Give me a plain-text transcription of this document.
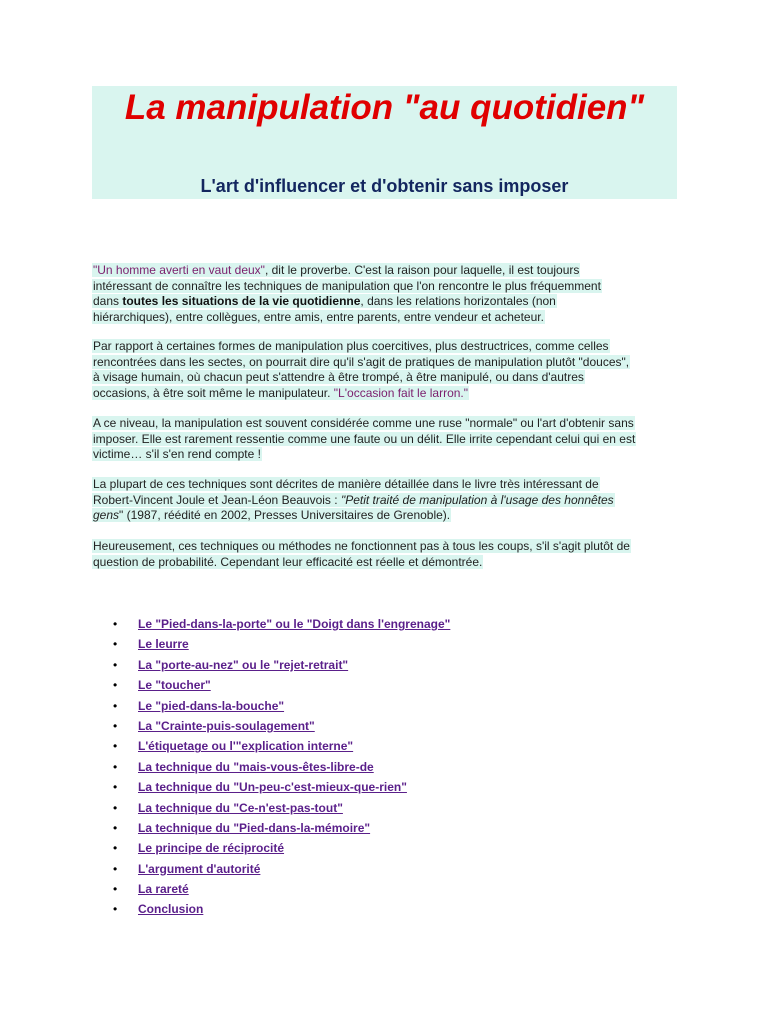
La manipulation "au quotidien"
L'art d'influencer et d'obtenir sans imposer
"Un homme averti en vaut deux", dit le proverbe. C'est la raison pour laquelle, il est toujours
intéressant de connaître les techniques de manipulation que l'on rencontre le plus fréquemment
dans toutes les situations de la vie quotidienne, dans les relations horizontales (non
hiérarchiques), entre collègues, entre amis, entre parents, entre vendeur et acheteur.
Par rapport à certaines formes de manipulation plus coercitives, plus destructrices, comme celles
rencontrées dans les sectes, on pourrait dire qu'il s'agit de pratiques de manipulation plutôt "douces",
à visage humain, où chacun peut s'attendre à être trompé, à être manipulé, ou dans d'autres
occasions, à être soit même le manipulateur. "L'occasion fait le larron."
A ce niveau, la manipulation est souvent considérée comme une ruse "normale" ou l'art d'obtenir sans
imposer. Elle est rarement ressentie comme une faute ou un délit. Elle irrite cependant celui qui en est
victime… s'il s'en rend compte !
La plupart de ces techniques sont décrites de manière détaillée dans le livre très intéressant de
Robert-Vincent Joule et Jean-Léon Beauvois : "Petit traité de manipulation à l'usage des honnêtes
gens" (1987, réédité en 2002, Presses Universitaires de Grenoble).
Heureusement, ces techniques ou méthodes ne fonctionnent pas à tous les coups, s'il s'agit plutôt de
question de probabilité. Cependant leur efficacité est réelle et démontrée.
• Le "Pied-dans-la-porte" ou le "Doigt dans l'engrenage"
• Le leurre
• La "porte-au-nez" ou le "rejet-retrait"
• Le "toucher"
• Le "pied-dans-la-bouche"
• La "Crainte-puis-soulagement"
• L'étiquetage ou l'"explication interne"
• La technique du "mais-vous-êtes-libre-de
• La technique du "Un-peu-c'est-mieux-que-rien"
• La technique du "Ce-n'est-pas-tout"
• La technique du "Pied-dans-la-mémoire"
• Le principe de réciprocité
• L'argument d'autorité
• La rareté
• Conclusion
